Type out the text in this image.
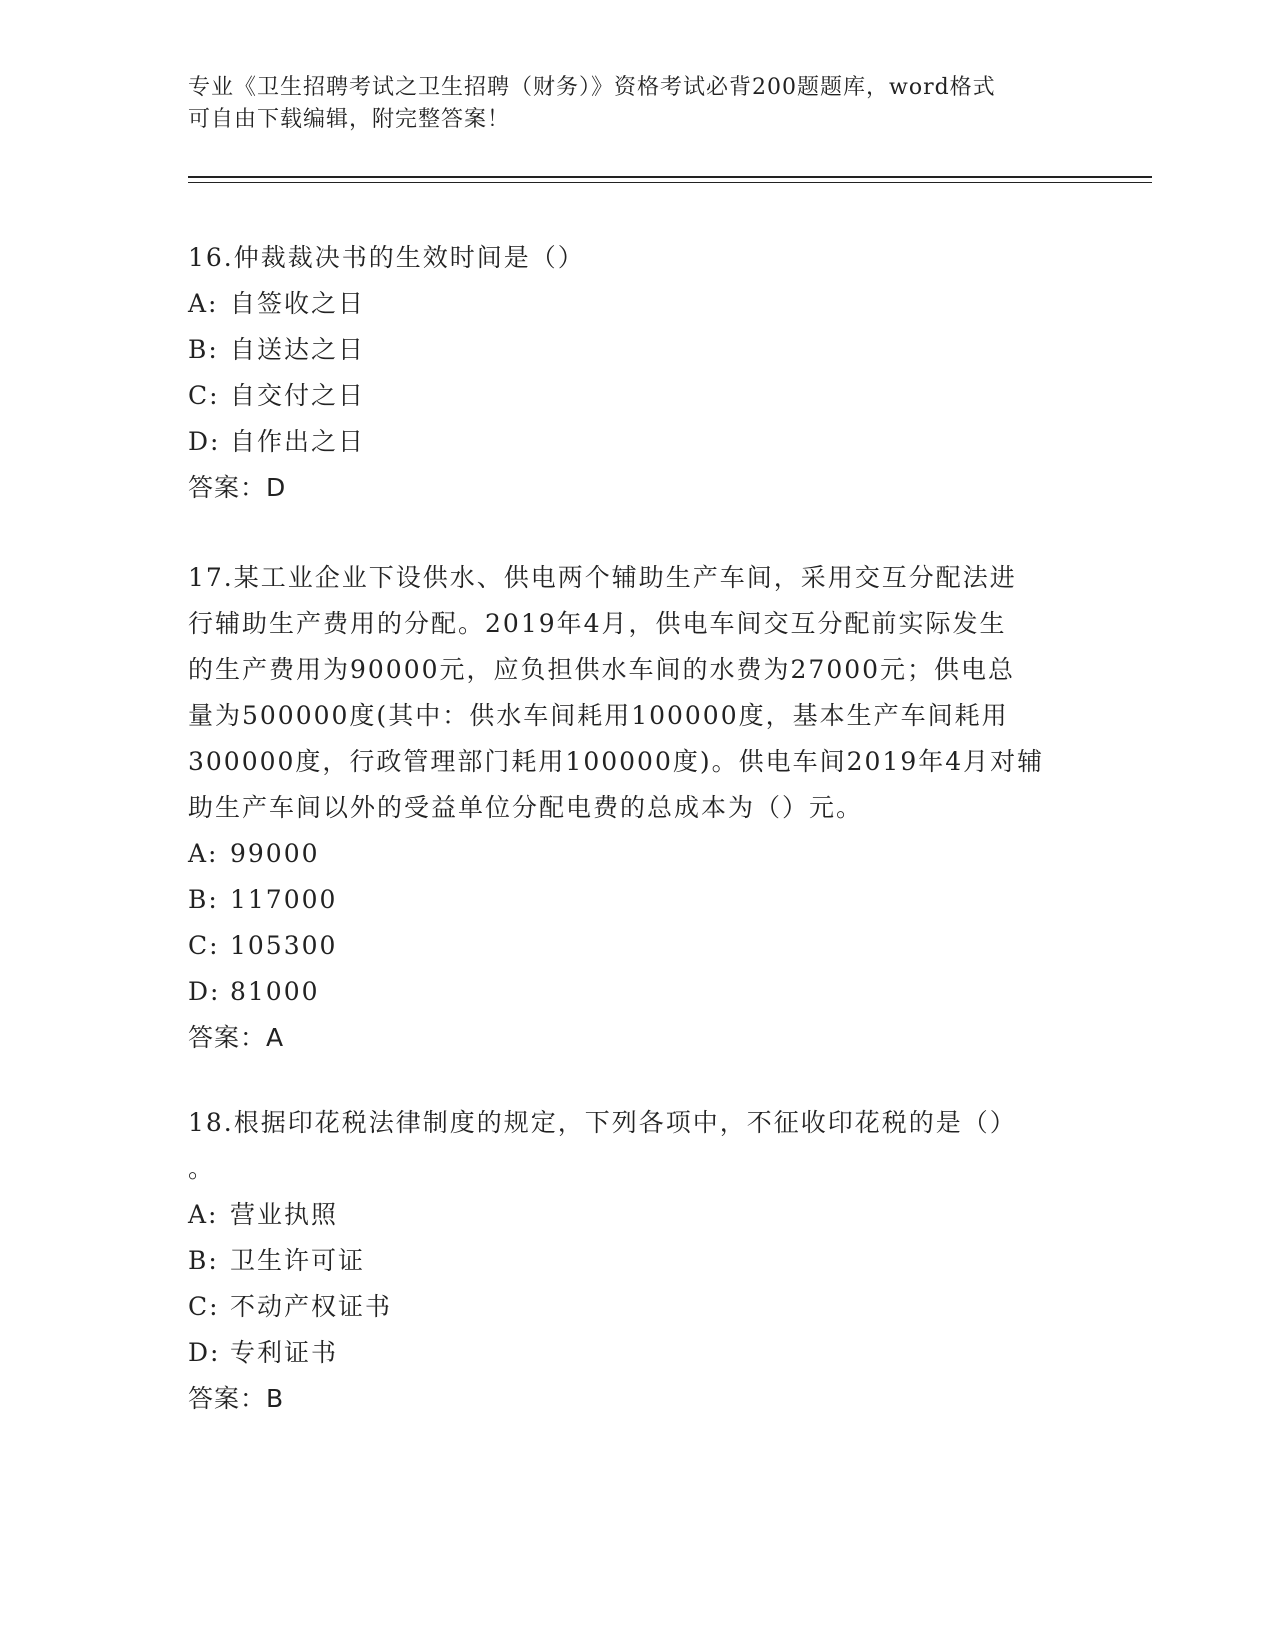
专业《卫生招聘考试之卫生招聘（财务）》资格考试必背200题题库，word格式
可自由下载编辑，附完整答案！

16.仲裁裁决书的生效时间是（）

A: 自签收之日

B: 自送达之日

C: 自交付之日

D: 自作出之日

答案：D

17.某工业企业下设供水、供电两个辅助生产车间，采用交互分配法进

行辅助生产费用的分配。2019年4月，供电车间交互分配前实际发生

的生产费用为90000元，应负担供水车间的水费为27000元；供电总

量为500000度(其中：供水车间耗用100000度，基本生产车间耗用

300000度，行政管理部门耗用100000度)。供电车间2019年4月对辅

助生产车间以外的受益单位分配电费的总成本为（）元。

A: 99000

B: 117000

C: 105300

D: 81000

答案：A

18.根据印花税法律制度的规定，下列各项中，不征收印花税的是（）

。

A: 营业执照

B: 卫生许可证

C: 不动产权证书

D: 专利证书

答案：B
